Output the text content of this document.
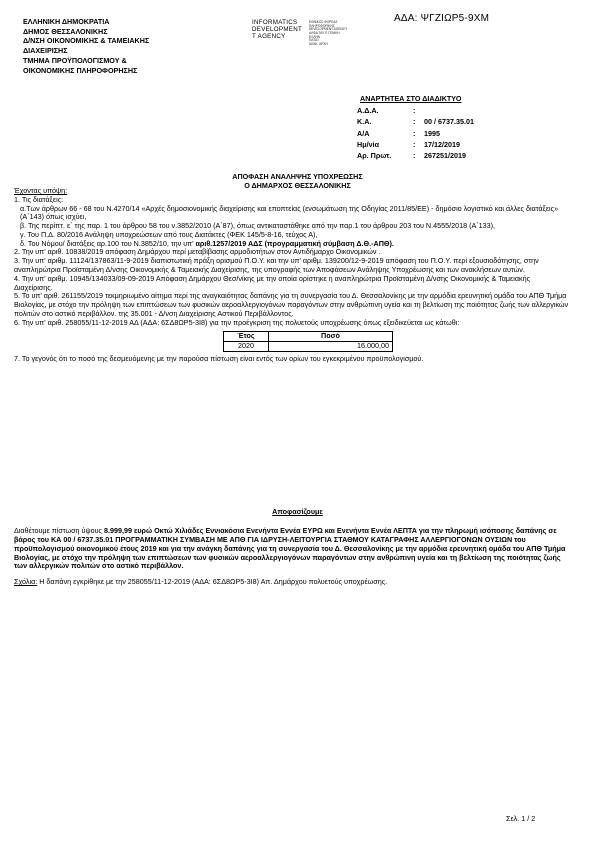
ΑΔΑ: ΨΓΖΙΩΡ5-9ΧΜ
ΕΛΛΗΝΙΚΗ ΔΗΜΟΚΡΑΤΙΑ
ΔΗΜΟΣ ΘΕΣΣΑΛΟΝΙΚΗΣ
Δ/ΝΣΗ ΟΙΚΟΝΟΜΙΚΗΣ & ΤΑΜΕΙΑΚΗΣ
ΔΙΑΧΕΙΡΙΣΗΣ
ΤΜΗΜΑ ΠΡΟΫΠΟΛΟΓΙΣΜΟΥ &
ΟΙΚΟΝΟΜΙΚΗΣ ΠΛΗΡΟΦΟΡΗΣΗΣ
INFORMATICS
DEVELOPMENT
T AGENCY
ΕΘΝΙΚΟΣ ΦΟΡΕΑΣ
ΠΛΗΡΟΦΟΡΙΚΗΣ
DEVELOPMENT AGENCY
ΑΛΦΑ ΤΑΥ Π ΓΕΝΙΚΗ
ΕΛΛΗΝ
ΠΑΤΑΞ
ΔΙΟΙΚ. ΑΡΧΗ
ΑΝΑΡΤΗΤΕΑ ΣΤΟ ΔΙΑΔΙΚΤΥΟ
Α.Δ.Α.	:
Κ.Α.	:	00 / 6737.35.01
Α/Α	:	1995
Ημ/νία	:	17/12/2019
Αρ. Πρωτ.	:	267251/2019
ΑΠΟΦΑΣΗ ΑΝΑΛΗΨΗΣ ΥΠΟΧΡΕΩΣΗΣ
Ο ΔΗΜΑΡΧΟΣ ΘΕΣΣΑΛΟΝΙΚΗΣ

Έχοντας υπόψη:

1. Τις διατάξεις:

α.Των άρθρων 66 - 68 του Ν.4270/14 «Αρχές δημοσιονομικής διαχείρισης και εποπτείας (ενσωμάτωση της Οδηγίας 2011/85/ΕΕ) - δημόσιο λογιστικό και άλλες διατάξεις» (Α΄143) όπως ισχύει,

β. Της περίπτ. ε΄ της παρ. 1 του άρθρου 58 του ν.3852/2010 (Α΄87), όπως αντικαταστάθηκε από την παρ.1 του άρθρου 203 του Ν.4555/2018 (Α΄133),

γ. Του Π.Δ. 80/2016 Ανάληψη υποχρεώσεων από τους Διατάκτες (ΦΕΚ 145/5-8-16, τεύχος Α),

δ. Του Νόμου/ διατάξεις αρ.100 του Ν.3852/10, την υπ' αριθ.1257/2019 ΑΔΣ (προγραμματική σύμβαση Δ.Θ.-ΑΠΘ).

2. Την υπ' αριθ. 10838/2019 απόφαση Δημάρχου περί μεταβίβασης αρμοδιοτήτων στον Αντιδήμαρχο Οικονομικών .

3. Την υπ' αριθμ. 11124/137863/11-9-2019 διαπιστωτική πράξη ορισμού Π.Ο.Υ. και την υπ' αριθμ. 139200/12-9-2019 απόφαση του Π.Ο.Υ. περί εξουσιοδότησης, στην αναπληρώτρια Προϊσταμένη Δ/νσης Οικονομικής & Ταμειακής Διαχείρισης, της υπογραφής των Αποφάσεων Ανάληψης Υποχρέωσης και των ανακλήσεων αυτών.

4. Την υπ' αριθμ. 10945/134033/09-09-2019 Απόφαση Δημάρχου Θεσ/νίκης με την οποία ορίστηκε η αναπληρώτρια Προϊσταμένη Δ/νσης Οικονομικής & Ταμειακής Διαχείρισης.

5. Το υπ' αριθ. 261155/2019 τεκμηριωμένο αίτημα περί της αναγκαιότητας δαπάνης για τη συνεργασία του Δ. Θεσσαλονίκης με την αρμόδια ερευνητική ομάδα του ΑΠΘ Τμήμα Βιολογίας, με στόχο την πρόληψη των επιπτώσεων των φυσικών αεροαλλεργιογόνων παραγόντων στην ανθρώπινη υγεία και τη βελτίωση της ποιότητας ζωής των αλλεργικών πολιτών στο αστικό περιβάλλον. της 35.001 - Δ/νση Διαχείρισης Αστικού Περιβάλλοντος.

6. Την υπ' αριθ. 258055/11-12-2019 ΑΔ (ΑΔΑ: 6ΣΔ8ΩΡ5-3Ι8) για την προέγκριση της πολυετούς υποχρέωσης όπως εξειδικεύεται ως κάτωθι:

Έτος	Ποσό
2020	16.000,00

7. Το γεγονός ότι το ποσό της δεσμευόμενης με την παρούσα πίστωση είναι εντός των ορίων του εγκεκριμένου προϋπολογισμού.

Αποφασίζουμε

Διαθέτουμε πίστωση ύψους 8.999,99 ευρώ Οκτώ Χιλιάδες Εννιακόσια Ενενήντα Εννέα ΕΥΡΩ και Ενενήντα Εννέα ΛΕΠΤΑ για την πληρωμή ισόποσης δαπάνης σε βάρος του ΚΑ 00 / 6737.35.01 ΠΡΟΓΡΑΜΜΑΤΙΚΗ ΣΥΜΒΑΣΗ ΜΕ ΑΠΘ ΓΙΑ ΙΔΡΥΣΗ-ΛΕΙΤΟΥΡΓΙΑ ΣΤΑΘΜΟΥ ΚΑΤΑΓΡΑΦΗΣ ΑΛΛΕΡΓΙΟΓΟΝΩΝ ΟΥΣΙΩΝ του προϋπολογισμού οικονομικού έτους 2019 και για την ανάγκη δαπάνης για τη συνεργασία του Δ. Θεσσαλονίκης με την αρμόδια ερευνητική ομάδα του ΑΠΘ Τμήμα Βιολογίας, με στόχο την πρόληψη των επιπτώσεων των φυσικών αεροαλλεργιογόνων παραγόντων στην ανθρώπινη υγεία και τη βελτίωση της ποιότητας ζωής των αλλεργικών πολιτών στο αστικό περιβάλλον.

Σχόλια: Η δαπάνη εγκρίθηκε με την 258055/11-12-2019 (ΑΔΑ: 6ΣΔ8ΩΡ5-3Ι8) Απ. Δημάρχου πολυετούς υποχρέωσης.

Σελ. 1 / 2
